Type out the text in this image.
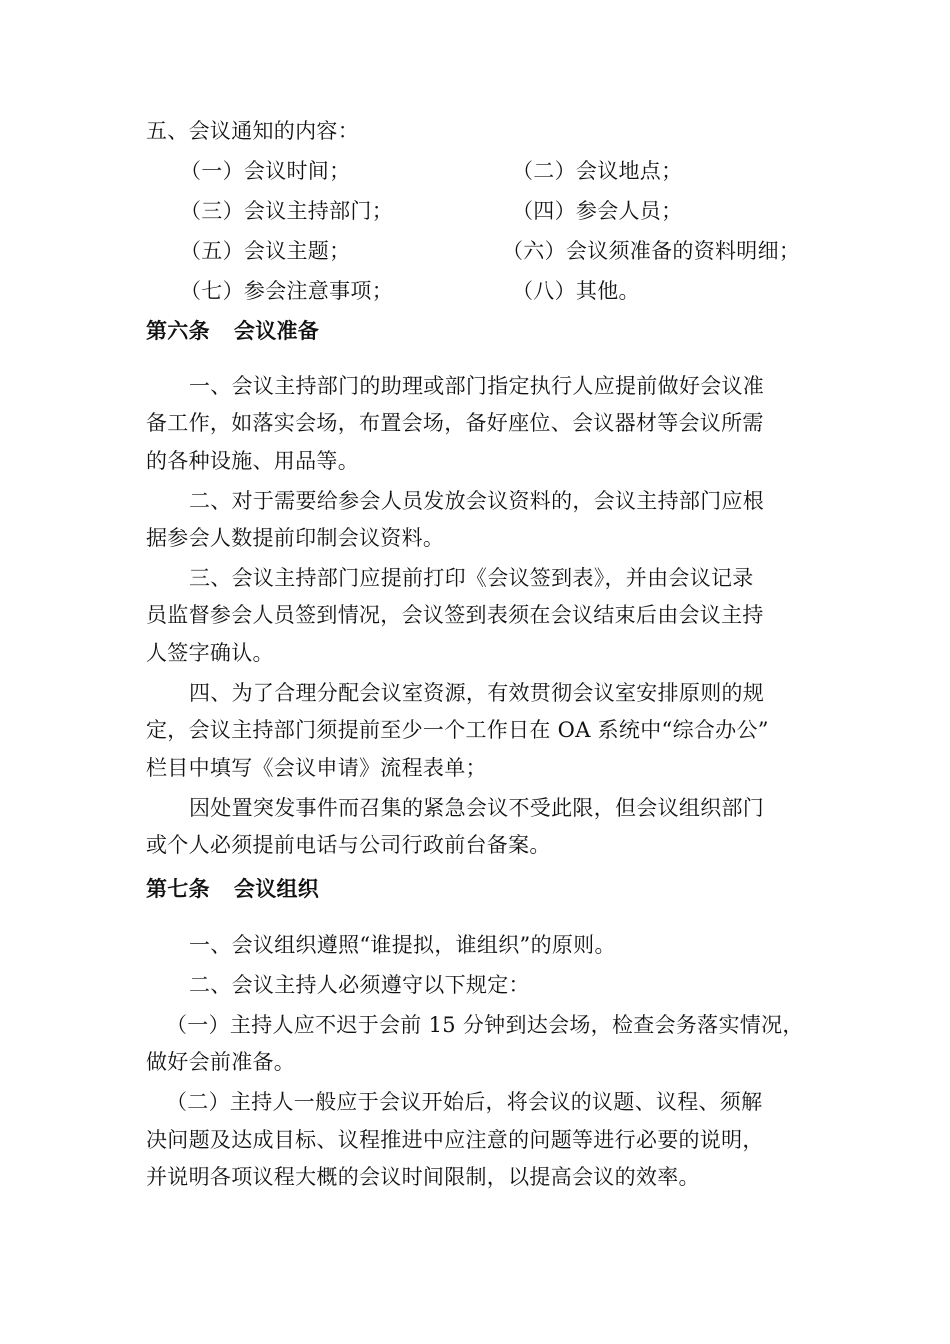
五、会议通知的内容：
（一）会议时间；	（二）会议地点；
（三）会议主持部门；	（四）参会人员；
（五）会议主题；	（六）会议须准备的资料明细；
（七）参会注意事项；	（八）其他。
第六条 会议准备
一、会议主持部门的助理或部门指定执行人应提前做好会议准
备工作，如落实会场，布置会场，备好座位、会议器材等会议所需
的各种设施、用品等。
二、对于需要给参会人员发放会议资料的，会议主持部门应根
据参会人数提前印制会议资料。
三、会议主持部门应提前打印《会议签到表》，并由会议记录
员监督参会人员签到情况，会议签到表须在会议结束后由会议主持
人签字确认。
四、为了合理分配会议室资源，有效贯彻会议室安排原则的规
定，会议主持部门须提前至少一个工作日在 OA 系统中“综合办公”
栏目中填写《会议申请》流程表单；
因处置突发事件而召集的紧急会议不受此限，但会议组织部门
或个人必须提前电话与公司行政前台备案。
第七条 会议组织
一、会议组织遵照“谁提拟，谁组织”的原则。
二、会议主持人必须遵守以下规定：
（一）主持人应不迟于会前 15 分钟到达会场，检查会务落实情况，
做好会前准备。
（二）主持人一般应于会议开始后，将会议的议题、议程、须解
决问题及达成目标、议程推进中应注意的问题等进行必要的说明，
并说明各项议程大概的会议时间限制，以提高会议的效率。
